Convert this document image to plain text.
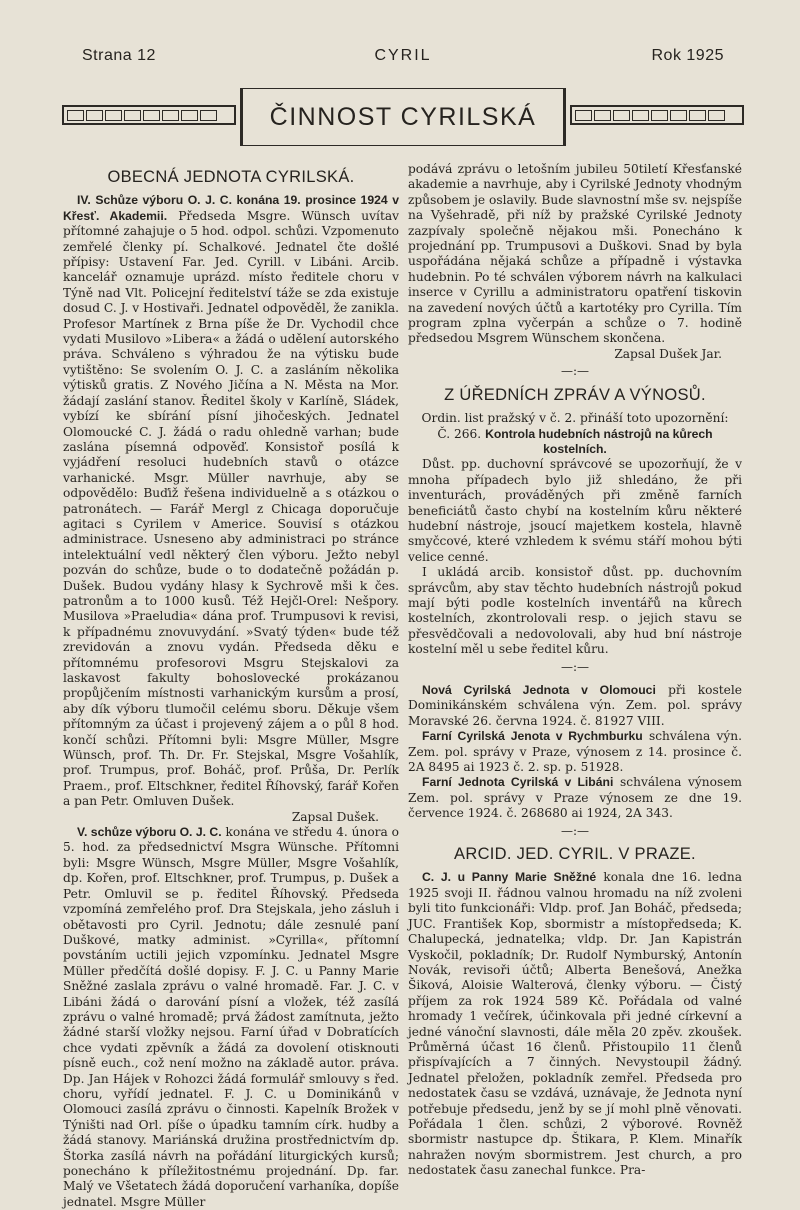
Strana 12	CYRIL	Rok 1925
ČINNOST CYRILSKÁ
OBECNÁ JEDNOTA CYRILSKÁ.

IV. Schůze výboru O. J. C. konána 19. prosince 1924 v Křesť. Akademii. Předseda Msgre. Wünsch uvítav přítomné zahajuje o 5 hod. odpol. schůzi. Vzpomenuto zemřelé členky pí. Schalkové. Jednatel čte došlé přípisy: Ustavení Far. Jed. Cyrill. v Libáni. Arcib. kancelář oznamuje uprázd. místo ředitele choru v Týně nad Vlt. Policejní ředitelství táže se zda existuje dosud C. J. v Hostivaři. Jednatel odpověděl, že zanikla. Profesor Martínek z Brna píše že Dr. Vychodil chce vydati Musilovo »Libera« a žádá o udělení autorského práva. Schváleno s výhradou že na výtisku bude vytištěno: Se svolením O. J. C. a zasláním několika výtisků gratis. Z Nového Jičína a N. Města na Mor. žádají zaslání stanov. Ředitel školy v Karlíně, Sládek, vybízí ke sbírání písní jihočeských. Jednatel Olomoucké C. J. žádá o radu ohledně varhan; bude zaslána písemná odpověď. Konsistoř posílá k vyjádření resoluci hudebních stavů o otázce varhanické. Msgr. Müller navrhuje, aby se odpovědělo: Buďiž řešena individuelně a s otázkou o patronátech. — Farář Mergl z Chicaga doporučuje agitaci s Cyrilem v Americe. Souvisí s otázkou administrace. Usneseno aby administraci po stránce intelektuální vedl některý člen výboru. Ježto nebyl pozván do schůze, bude o to dodatečně požádán p. Dušek. Budou vydány hlasy k Sychrově mši k čes. patronům a to 1000 kusů. Též Hejčl-Orel: Nešpory. Musilova »Praeludia« dána prof. Trumpusovi k revisi, k případnému znovuvydání. »Svatý týden« bude též zrevidován a znovu vydán. Předseda děku e přítomnému profesorovi Msgru Stejskalovi za laskavost fakulty bohoslovecké prokázanou propůjčením místnosti varhanickým kursům a prosí, aby dík výboru tlumočil celému sboru. Děkuje všem přítomným za účast i projevený zájem a o půl 8 hod. končí schůzi. Přítomni byli: Msgre Müller, Msgre Wünsch, prof. Th. Dr. Fr. Stejskal, Msgre Vošahlík, prof. Trumpus, prof. Boháč, prof. Průša, Dr. Perlík Praem., prof. Eltschkner, ředitel Říhovský, farář Kořen a pan Petr. Omluven Dušek.

Zapsal Dušek.

V. schůze výboru O. J. C. konána ve středu 4. února o 5. hod. za předsednictví Msgra Wünsche. Přítomni byli: Msgre Wünsch, Msgre Müller, Msgre Vošahlík, dp. Kořen, prof. Eltschkner, prof. Trumpus, p. Dušek a Petr. Omluvil se p. ředitel Říhovský. Předseda vzpomíná zemřelého prof. Dra Stejskala, jeho zásluh i obětavosti pro Cyril. Jednotu; dále zesnulé paní Duškové, matky administ. »Cyrilla«, přítomní povstáním uctili jejich vzpomínku. Jednatel Msgre Müller předčítá došlé dopisy. F. J. C. u Panny Marie Sněžné zaslala zprávu o valné hromadě. Far. J. C. v Libáni žádá o darování písní a vložek, též zasílá zprávu o valné hromadě; prvá žádost zamítnuta, ježto žádné starší vložky nejsou. Farní úřad v Dobratících chce vydati zpěvník a žádá za dovolení otisknouti písně euch., což není možno na základě autor. práva. Dp. Jan Hájek v Rohozci žádá formulář smlouvy s řed. choru, vyřídí jednatel. F. J. C. u Dominikánů v Olomouci zasílá zprávu o činnosti. Kapelník Brožek v Týništi nad Orl. píše o úpadku tamním círk. hudby a žádá stanovy. Mariánská družina prostřednictvím dp. Štorka zasílá návrh na pořádání liturgických kursů; ponecháno k příležitostnému projednání. Dp. far. Malý ve Všetatech žádá doporučení varhaníka, dopíše jednatel. Msgre Müller

podává zprávu o letošním jubileu 50tiletí Křesťanské akademie a navrhuje, aby i Cyrilské Jednoty vhodným způsobem je oslavily. Bude slavnostní mše sv. nejspíše na Vyšehradě, při níž by pražské Cyrilské Jednoty zazpívaly společně nějakou mši. Ponecháno k projednání pp. Trumpusovi a Duškovi. Snad by byla uspořádána nějaká schůze a případně i výstavka hudebnin. Po té schválen výborem návrh na kalkulaci inserce v Cyrillu a administratoru opatření tiskovin na zavedení nových účtů a kartotéky pro Cyrilla. Tím program zplna vyčerpán a schůze o 7. hodině předsedou Msgrem Wünschem skončena.

Zapsal Dušek Jar.
—:—
Z ÚŘEDNÍCH ZPRÁV A VÝNOSŮ.

Ordin. list pražský v č. 2. přináší toto upozornění:

Č. 266. Kontrola hudebních nástrojů na kůrech kostelních.

Důst. pp. duchovní správcové se upozorňují, že v mnoha případech bylo již shledáno, že při inventurách, prováděných při změně farních beneficiátů často chybí na kostelním kůru některé hudební nástroje, jsoucí majetkem kostela, hlavně smyčcové, které vzhledem k svému stáří mohou býti velice cenné.

I ukládá arcib. konsistoř důst. pp. duchovním správcům, aby stav těchto hudebních nástrojů pokud mají býti podle kostelních inventářů na kůrech kostelních, zkontrolovali resp. o jejich stavu se přesvědčovali a nedovolovali, aby hud bní nástroje kostelní měl u sebe ředitel kůru.

—:—

Nová Cyrilská Jednota v Olomouci při kostele Dominikánském schválena výn. Zem. pol. správy Moravské 26. června 1924. č. 81927 VIII.

Farní Cyrilská Jenota v Rychmburku schválena výn. Zem. pol. správy v Praze, výnosem z 14. prosince č. 2A 8495 ai 1923 č. 2. sp. p. 51928.

Farní Jednota Cyrilská v Libáni schválena výnosem Zem. pol. správy v Praze výnosem ze dne 19. července 1924. č. 268680 ai 1924, 2A 343.

—:—
ARCID. JED. CYRIL. V PRAZE.

C. J. u Panny Marie Sněžné konala dne 16. ledna 1925 svoji II. řádnou valnou hromadu na níž zvoleni byli tito funkcionáři: Vldp. prof. Jan Boháč, předseda; JUC. František Kop, sbormistr a místopředseda; K. Chalupecká, jednatelka; vldp. Dr. Jan Kapistrán Vyskočil, pokladník; Dr. Rudolf Nymburský, Antonín Novák, revisoři účtů; Alberta Benešová, Anežka Šiková, Aloisie Walterová, členky výboru. — Čistý příjem za rok 1924 589 Kč. Pořádala od valné hromady 1 večírek, účinkovala při jedné církevní a jedné vánoční slavnosti, dále měla 20 zpěv. zkoušek. Průměrná účast 16 členů. Přistoupilo 11 členů přispívajících a 7 činných. Nevystoupil žádný. Jednatel přeložen, pokladník zemřel. Předseda pro nedostatek času se vzdává, uznávaje, že Jednota nyní potřebuje předsedu, jenž by se jí mohl plně věnovati. Pořádala 1 člen. schůzi, 2 výborové. Rovněž sbormistr nastupce dp. Štikara, P. Klem. Minařík nahražen novým sbormistrem. Jest church, a pro nedostatek času zanechal funkce. Pra-
